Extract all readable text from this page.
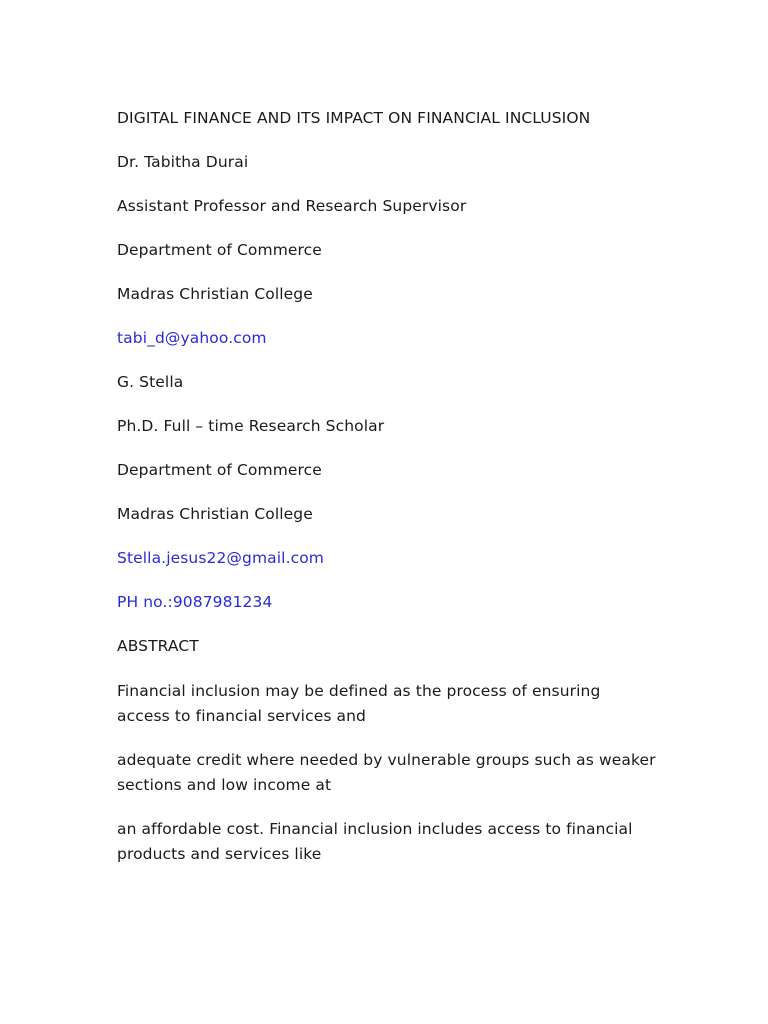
DIGITAL FINANCE AND ITS IMPACT ON FINANCIAL INCLUSION
Dr. Tabitha Durai
Assistant Professor and Research Supervisor
Department of Commerce
Madras Christian College
tabi_d@yahoo.com
G. Stella
Ph.D. Full – time Research Scholar
Department of Commerce
Madras Christian College
Stella.jesus22@gmail.com
PH no.:9087981234
ABSTRACT
Financial inclusion may be defined as the process of ensuring access to financial services and
adequate credit where needed by vulnerable groups such as weaker sections and low income at
an affordable cost. Financial inclusion includes access to financial products and services like
